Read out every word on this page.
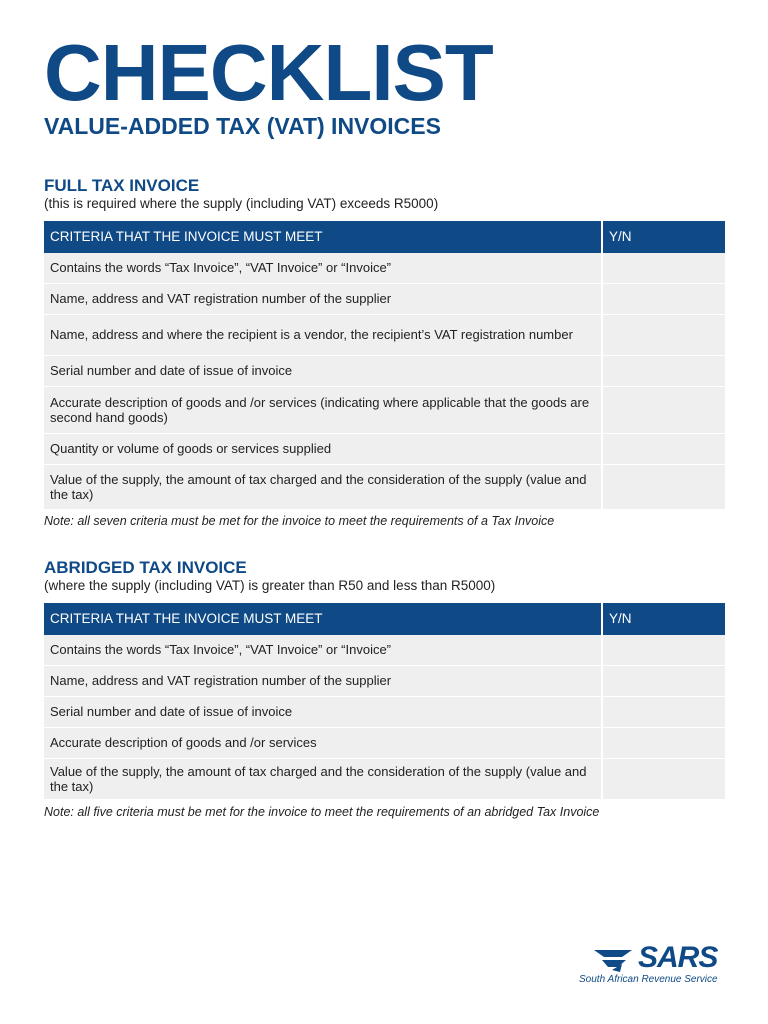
CHECKLIST
VALUE-ADDED TAX (VAT) INVOICES
FULL TAX INVOICE
(this is required where the supply (including VAT) exceeds R5000)
CRITERIA THAT THE INVOICE MUST MEET	Y/N
Contains the words “Tax Invoice”, “VAT Invoice” or “Invoice”	
Name, address and VAT registration number of the supplier	
Name, address and where the recipient is a vendor, the recipient’s VAT registration number	
Serial number and date of issue of invoice	
Accurate description of goods and /or services (indicating where applicable that the goods are second hand goods)	
Quantity or volume of goods or services supplied	
Value of the supply, the amount of tax charged and the consideration of the supply (value and the tax)	
Note: all seven criteria must be met for the invoice to meet the requirements of a Tax Invoice
ABRIDGED TAX INVOICE
(where the supply (including VAT) is greater than R50 and less than R5000)
CRITERIA THAT THE INVOICE MUST MEET	Y/N
Contains the words “Tax Invoice”, “VAT Invoice” or “Invoice”	
Name, address and VAT registration number of the supplier	
Serial number and date of issue of invoice	
Accurate description of goods and /or services	
Value of the supply, the amount of tax charged and the consideration of the supply (value and the tax)	
Note: all five criteria must be met for the invoice to meet the requirements of an abridged Tax Invoice
SARS
South African Revenue Service
